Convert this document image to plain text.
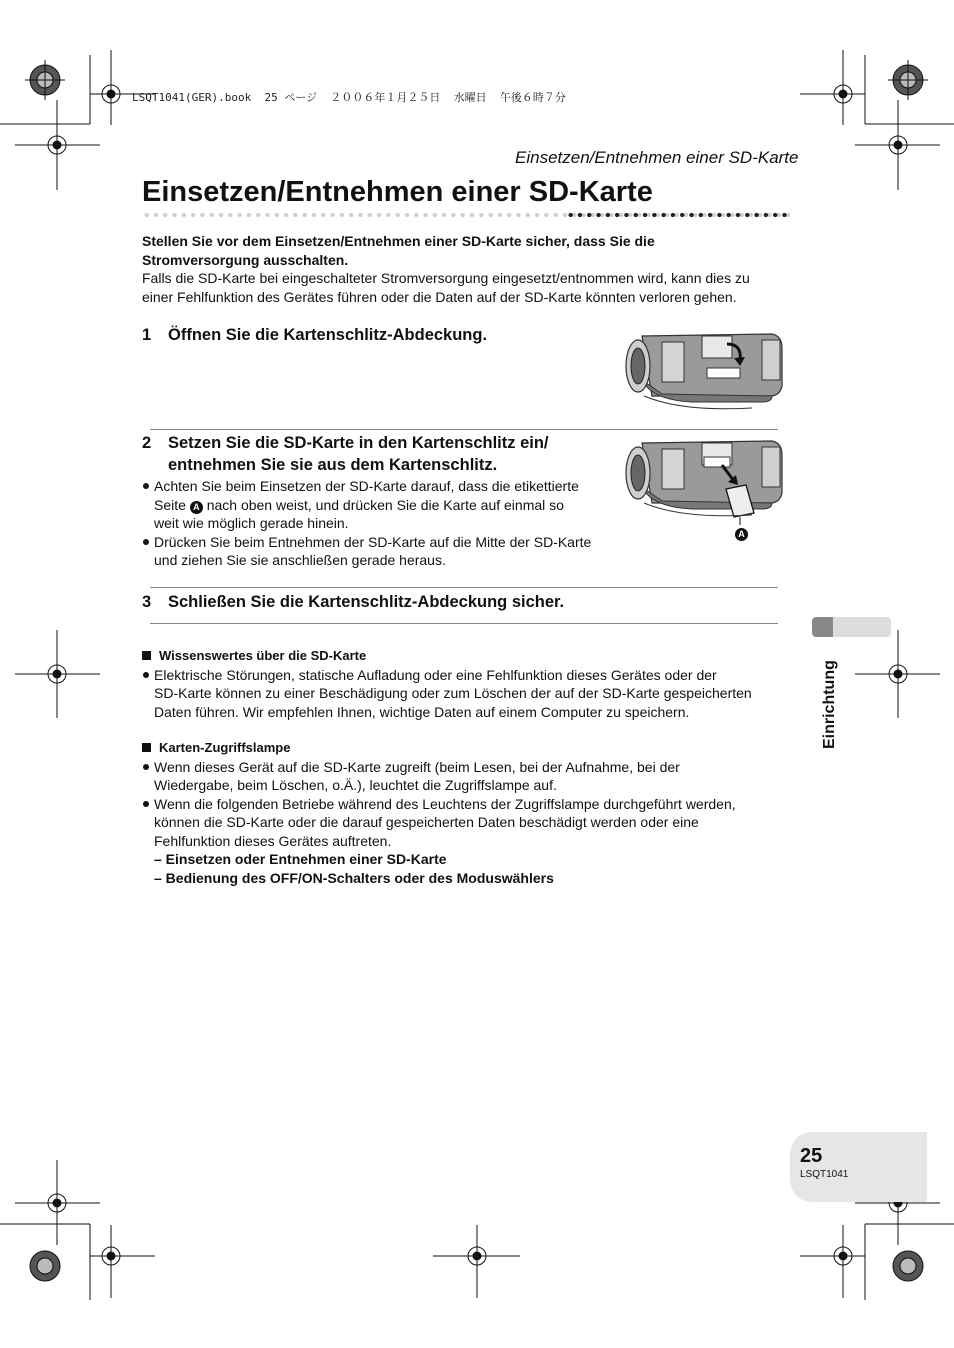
LSQT1041(GER).book  25 ページ  ２００６年１月２５日  水曜日  午後６時７分
Einsetzen/Entnehmen einer SD-Karte
Einsetzen/Entnehmen einer SD-Karte
Stellen Sie vor dem Einsetzen/Entnehmen einer SD-Karte sicher, dass Sie die
Stromversorgung ausschalten.
Falls die SD-Karte bei eingeschalteter Stromversorgung eingesetzt/entnommen wird, kann dies zu
einer Fehlfunktion des Gerätes führen oder die Daten auf der SD-Karte könnten verloren gehen.
1 Öffnen Sie die Kartenschlitz-Abdeckung.
2 Setzen Sie die SD-Karte in den Kartenschlitz ein/
entnehmen Sie sie aus dem Kartenschlitz.
Achten Sie beim Einsetzen der SD-Karte darauf, dass die etikettierte
Seite A nach oben weist, und drücken Sie die Karte auf einmal so
weit wie möglich gerade hinein.
Drücken Sie beim Entnehmen der SD-Karte auf die Mitte der SD-Karte
und ziehen Sie sie anschließen gerade heraus.
A
3 Schließen Sie die Kartenschlitz-Abdeckung sicher.
Wissenswertes über die SD-Karte
Elektrische Störungen, statische Aufladung oder eine Fehlfunktion dieses Gerätes oder der
SD-Karte können zu einer Beschädigung oder zum Löschen der auf der SD-Karte gespeicherten
Daten führen. Wir empfehlen Ihnen, wichtige Daten auf einem Computer zu speichern.
Karten-Zugriffslampe
Wenn dieses Gerät auf die SD-Karte zugreift (beim Lesen, bei der Aufnahme, bei der
Wiedergabe, beim Löschen, o.Ä.), leuchtet die Zugriffslampe auf.
Wenn die folgenden Betriebe während des Leuchtens der Zugriffslampe durchgeführt werden,
können die SD-Karte oder die darauf gespeicherten Daten beschädigt werden oder eine
Fehlfunktion dieses Gerätes auftreten.
– Einsetzen oder Entnehmen einer SD-Karte
– Bedienung des OFF/ON-Schalters oder des Moduswählers
Einrichtung
25
LSQT1041
